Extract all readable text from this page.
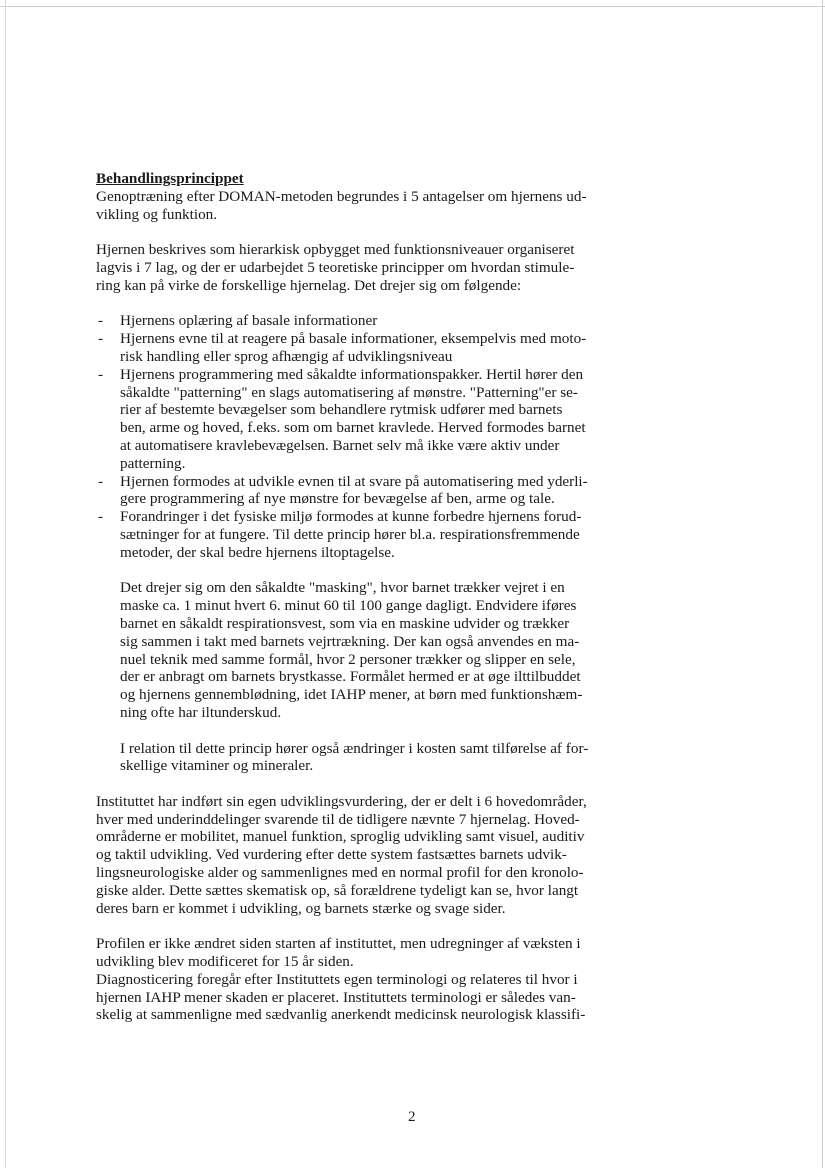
Behandlingsprincippet
Genoptræning efter DOMAN-metoden begrundes i 5 antagelser om hjernens ud-
vikling og funktion.
Hjernen beskrives som hierarkisk opbygget med funktionsniveauer organiseret
lagvis i 7 lag, og der er udarbejdet 5 teoretiske principper om hvordan stimule-
ring kan på virke de forskellige hjernelag. Det drejer sig om følgende:
- Hjernens oplæring af basale informationer
- Hjernens evne til at reagere på basale informationer, eksempelvis med moto-
risk handling eller sprog afhængig af udviklingsniveau
- Hjernens programmering med såkaldte informationspakker. Hertil hører den
såkaldte "patterning" en slags automatisering af mønstre. "Patterning"er se-
rier af bestemte bevægelser som behandlere rytmisk udfører med barnets
ben, arme og hoved, f.eks. som om barnet kravlede. Herved formodes barnet
at automatisere kravlebevægelsen. Barnet selv må ikke være aktiv under
patterning.
- Hjernen formodes at udvikle evnen til at svare på automatisering med yderli-
gere programmering af nye mønstre for bevægelse af ben, arme og tale.
- Forandringer i det fysiske miljø formodes at kunne forbedre hjernens forud-
sætninger for at fungere. Til dette princip hører bl.a. respirationsfremmende
metoder, der skal bedre hjernens iltoptagelse.
Det drejer sig om den såkaldte "masking", hvor barnet trækker vejret i en
maske ca. 1 minut hvert 6. minut 60 til 100 gange dagligt. Endvidere iføres
barnet en såkaldt respirationsvest, som via en maskine udvider og trækker
sig sammen i takt med barnets vejrtrækning. Der kan også anvendes en ma-
nuel teknik med samme formål, hvor 2 personer trækker og slipper en sele,
der er anbragt om barnets brystkasse. Formålet hermed er at øge ilttilbuddet
og hjernens gennemblødning, idet IAHP mener, at børn med funktionshæm-
ning ofte har iltunderskud.
I relation til dette princip hører også ændringer i kosten samt tilførelse af for-
skellige vitaminer og mineraler.
Instituttet har indført sin egen udviklingsvurdering, der er delt i 6 hovedområder,
hver med underinddelinger svarende til de tidligere nævnte 7 hjernelag. Hoved-
områderne er mobilitet, manuel funktion, sproglig udvikling samt visuel, auditiv
og taktil udvikling. Ved vurdering efter dette system fastsættes barnets udvik-
lingsneurologiske alder og sammenlignes med en normal profil for den kronolo-
giske alder. Dette sættes skematisk op, så forældrene tydeligt kan se, hvor langt
deres barn er kommet i udvikling, og barnets stærke og svage sider.
Profilen er ikke ændret siden starten af instituttet, men udregninger af væksten i
udvikling blev modificeret for 15 år siden.
Diagnosticering foregår efter Instituttets egen terminologi og relateres til hvor i
hjernen IAHP mener skaden er placeret. Instituttets terminologi er således van-
skelig at sammenligne med sædvanlig anerkendt medicinsk neurologisk klassifi-
2
